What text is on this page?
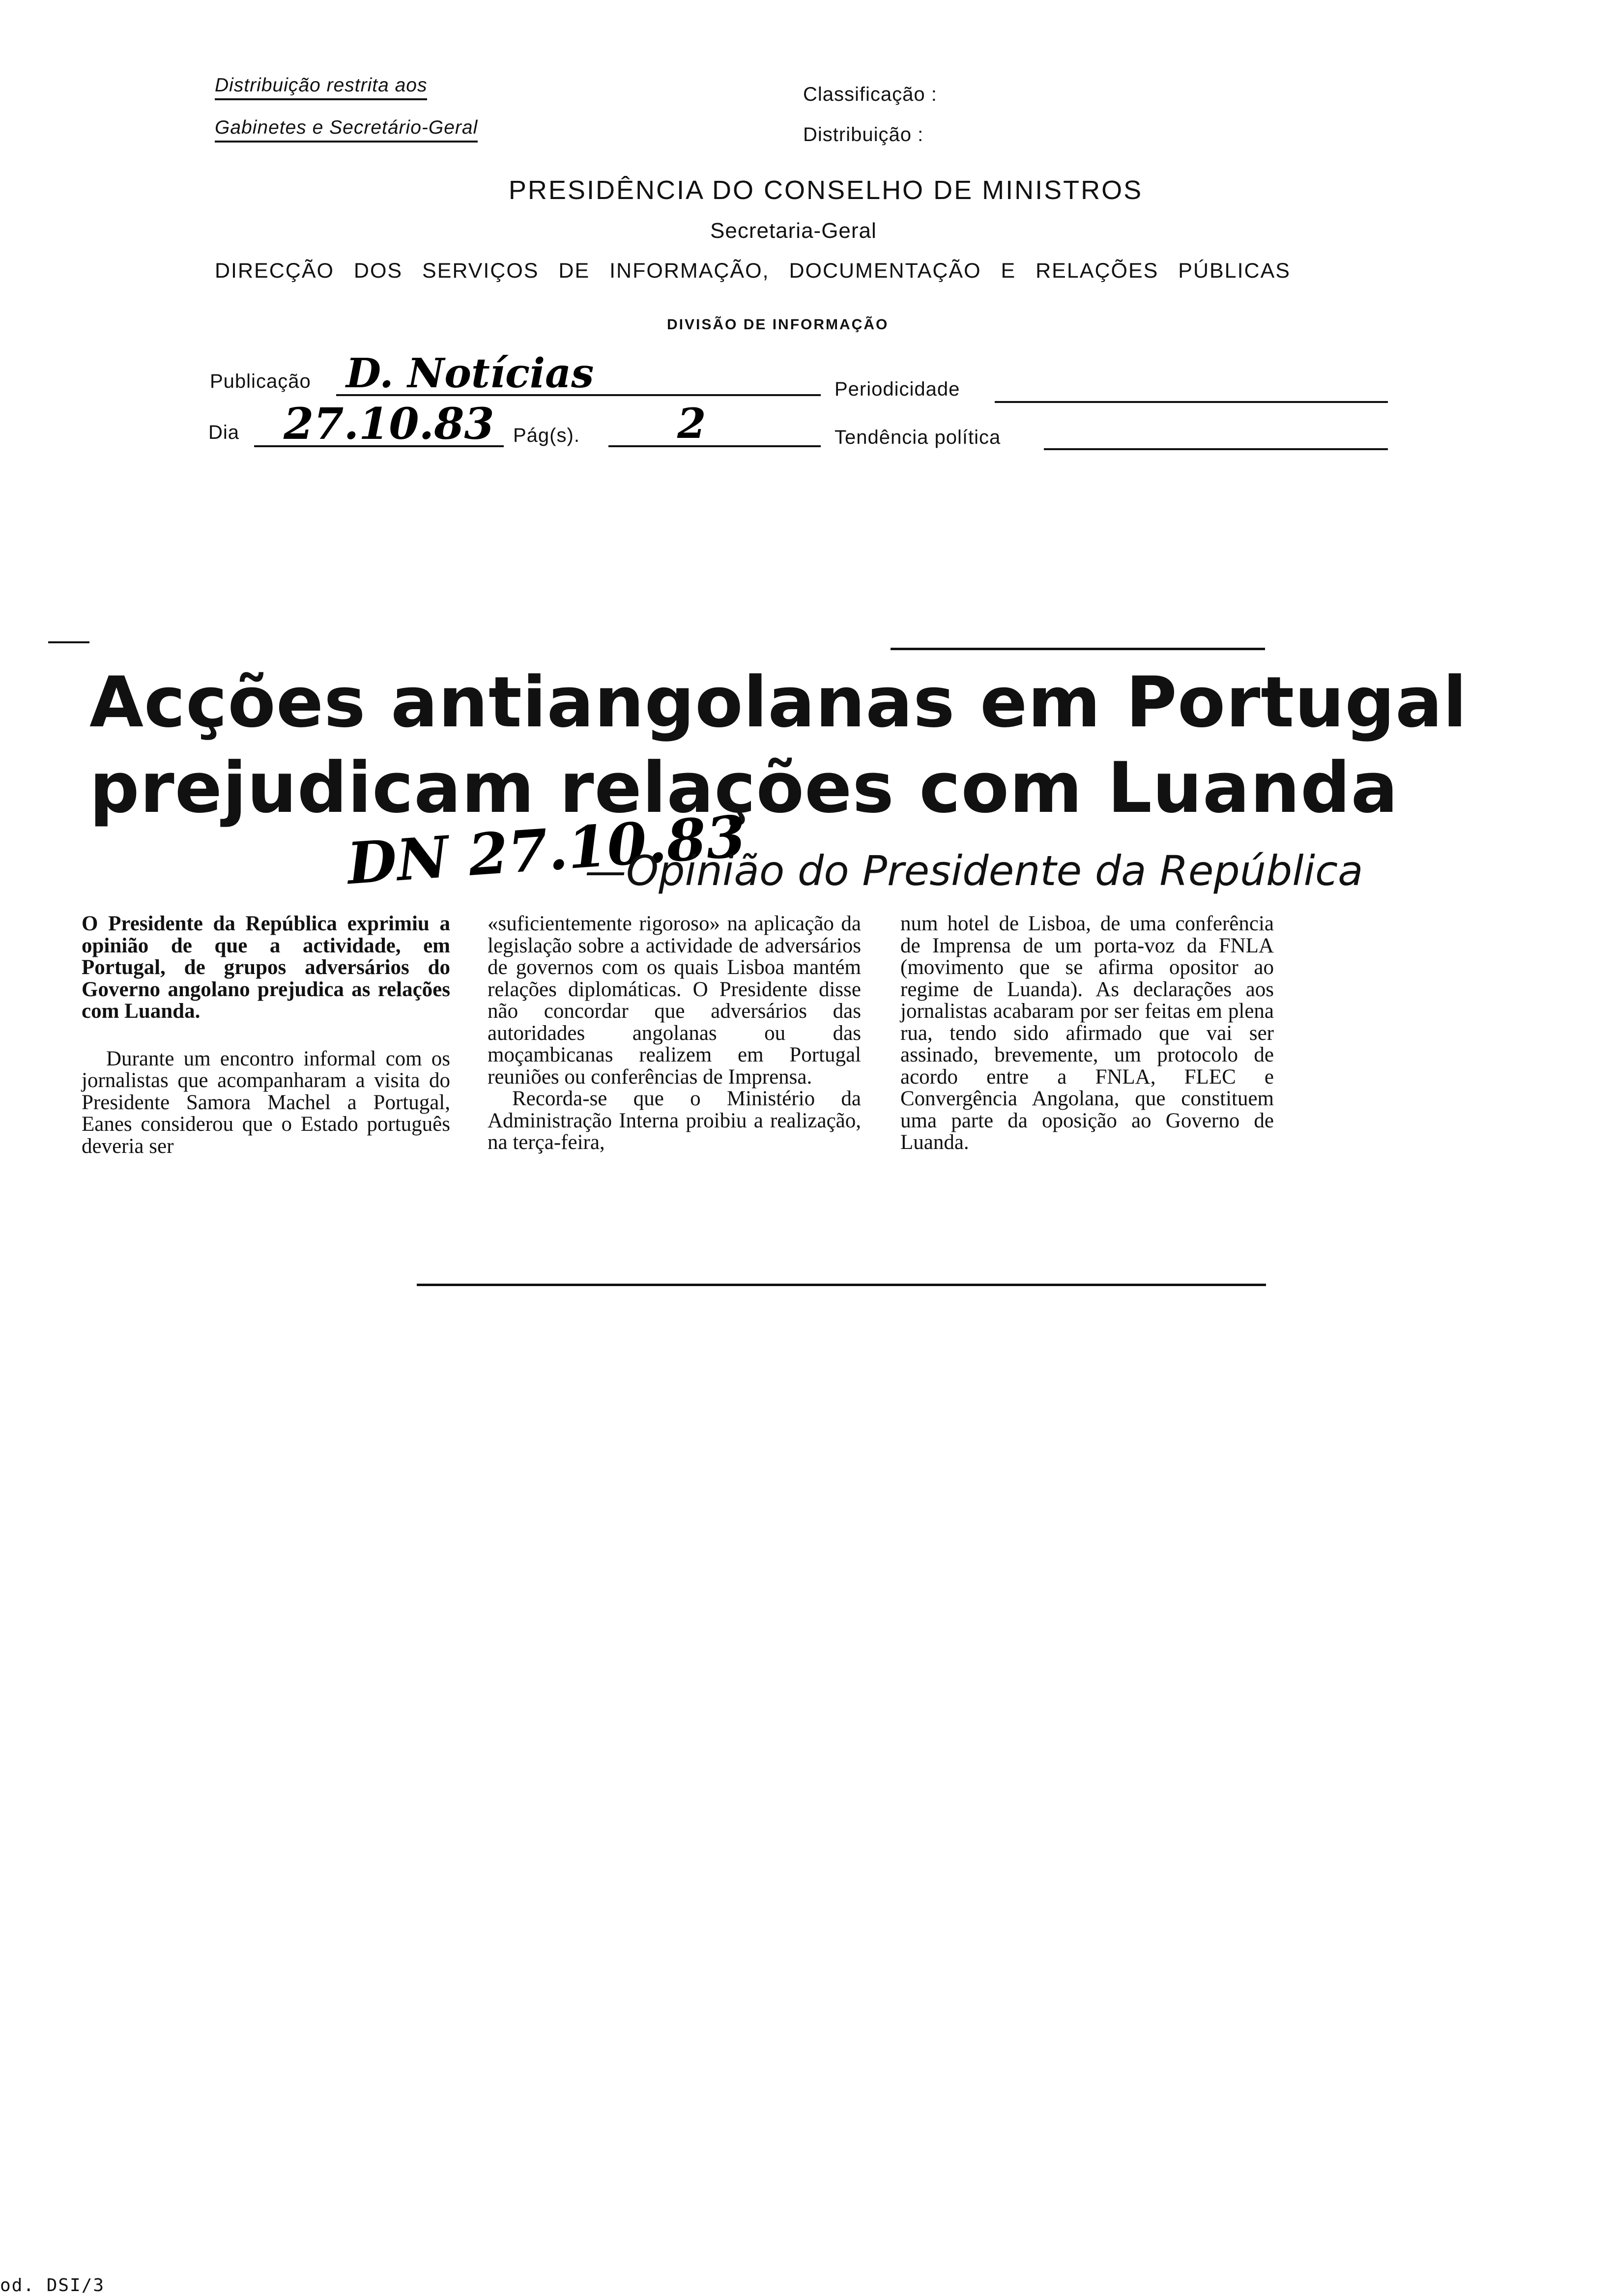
Distribuição restrita aos
Gabinetes e Secretário-Geral
Classificação :
Distribuição :
PRESIDÊNCIA DO CONSELHO DE MINISTROS
Secretaria-Geral
DIRECÇÃO DOS SERVIÇOS DE INFORMAÇÃO, DOCUMENTAÇÃO E RELAÇÕES PÚBLICAS
DIVISÃO DE INFORMAÇÃO
Publicação D. Notícias	Periodicidade
Dia 27.10.83 Pág(s). 2	Tendência política
Acções antiangolanas em Portugal
prejudicam relações com Luanda
DN 27.10.83
—Opinião do Presidente da República

O Presidente da República exprimiu a opinião de que a actividade, em Portugal, de grupos adversários do Governo angolano prejudica as relações com Luanda.

Durante um encontro informal com os jornalistas que acompanharam a visita do Presidente Samora Machel a Portugal, Eanes considerou que o Estado português deveria ser

«suficientemente rigoroso» na aplicação da legislação sobre a actividade de adversários de governos com os quais Lisboa mantém relações diplomáticas. O Presidente disse não concordar que adversários das autoridades angolanas ou das moçambicanas realizem em Portugal reuniões ou conferências de Imprensa.

Recorda-se que o Ministério da Administração Interna proibiu a realização, na terça-feira,

num hotel de Lisboa, de uma conferência de Imprensa de um porta-voz da FNLA (movimento que se afirma opositor ao regime de Luanda). As declarações aos jornalistas acabaram por ser feitas em plena rua, tendo sido afirmado que vai ser assinado, brevemente, um protocolo de acordo entre a FNLA, FLEC e Convergência Angolana, que constituem uma parte da oposição ao Governo de Luanda.

od. DSI/3
